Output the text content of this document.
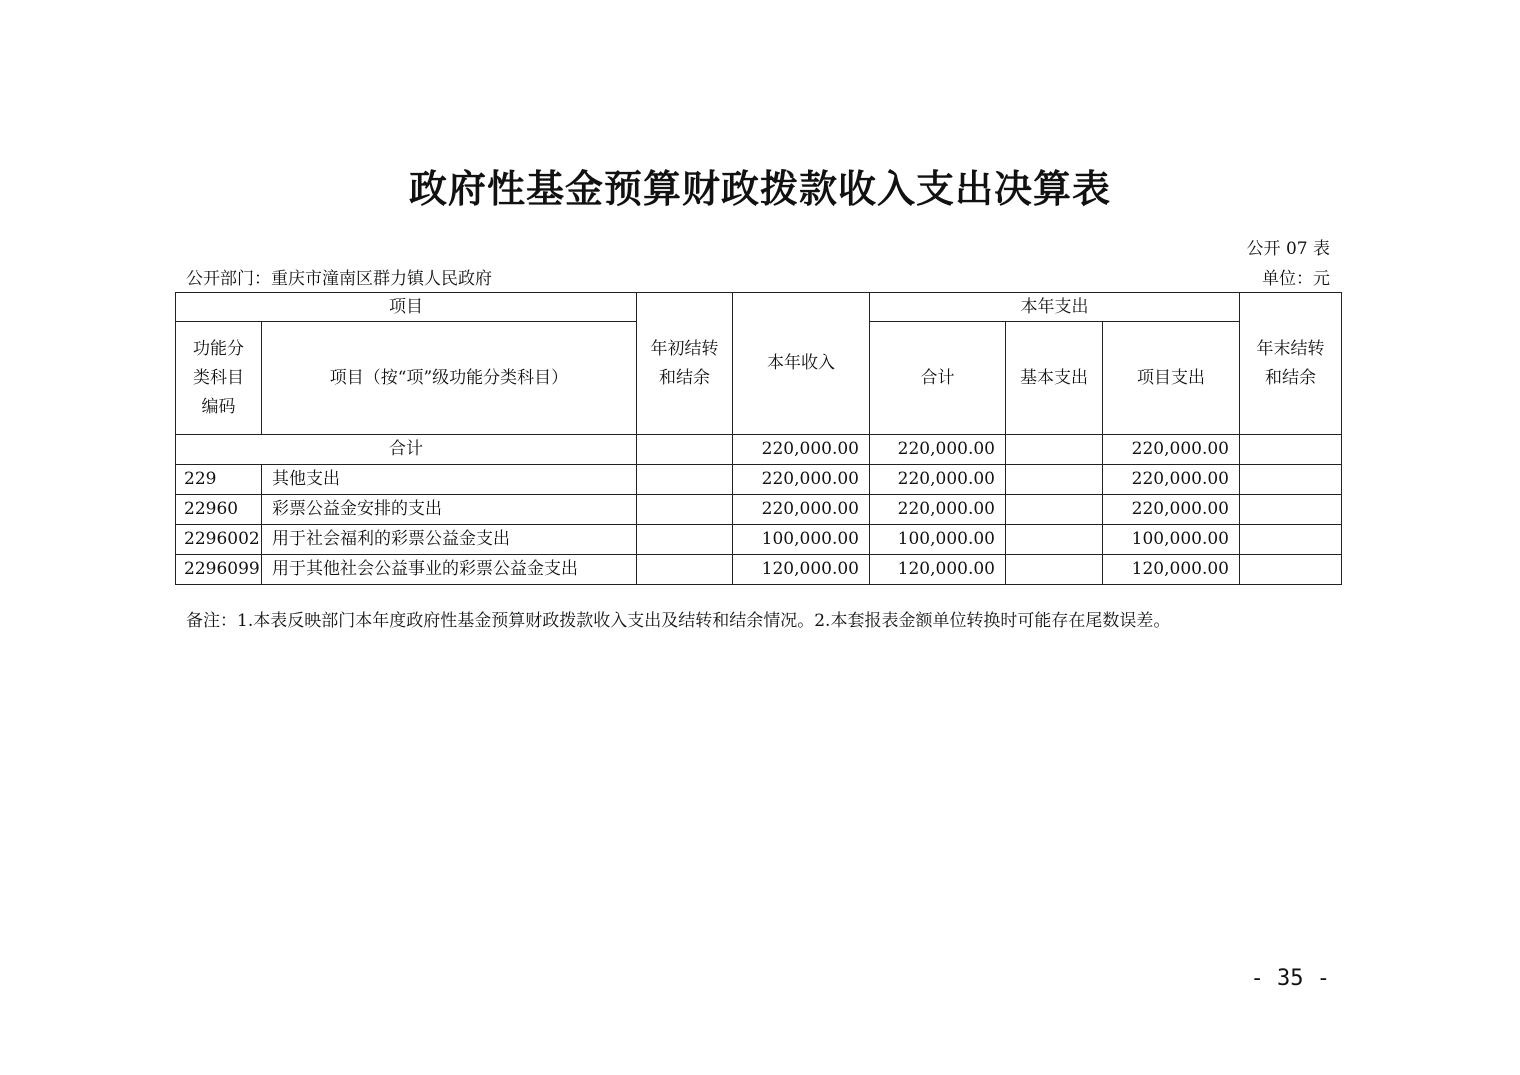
政府性基金预算财政拨款收入支出决算表
公开 07 表
公开部门：重庆市潼南区群力镇人民政府	单位：元
项目		年初结转和结余	本年收入	本年支出			年末结转和结余
功能分类科目编码	项目（按“项”级功能分类科目）			合计	基本支出	项目支出	
合计			220,000.00	220,000.00		220,000.00	
229	其他支出		220,000.00	220,000.00		220,000.00	
22960	彩票公益金安排的支出		220,000.00	220,000.00		220,000.00	
2296002	用于社会福利的彩票公益金支出		100,000.00	100,000.00		100,000.00	
2296099	用于其他社会公益事业的彩票公益金支出		120,000.00	120,000.00		120,000.00	
备注：1.本表反映部门本年度政府性基金预算财政拨款收入支出及结转和结余情况。2.本套报表金额单位转换时可能存在尾数误差。
- 35 -
